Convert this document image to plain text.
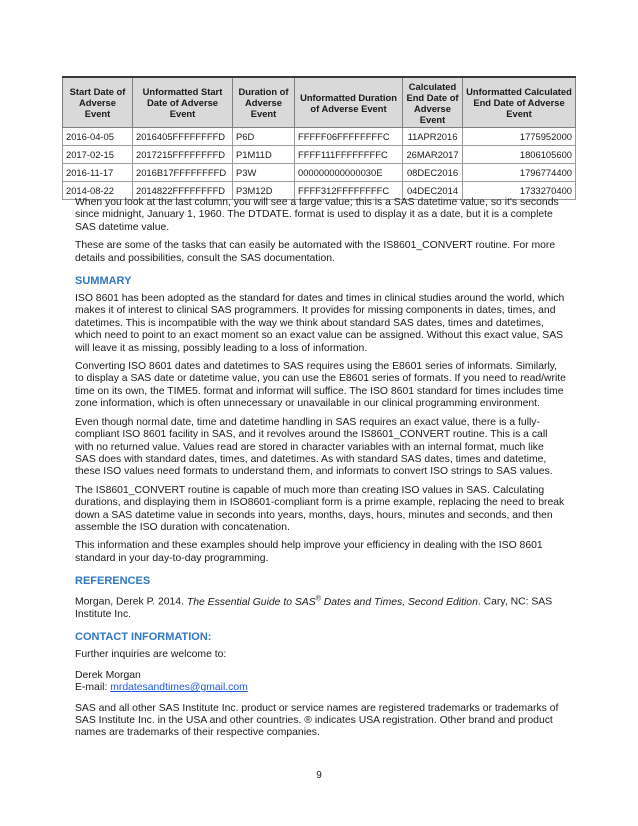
Start Date of Adverse Event	Unformatted Start Date of Adverse Event	Duration of Adverse Event	Unformatted Duration of Adverse Event	Calculated End Date of Adverse Event	Unformatted Calculated End Date of Adverse Event
2016-04-05	2016405FFFFFFFFD	P6D	FFFFF06FFFFFFFFC	11APR2016	1775952000
2017-02-15	2017215FFFFFFFFD	P1M11D	FFFF111FFFFFFFFC	26MAR2017	1806105600
2016-11-17	2016B17FFFFFFFFD	P3W	000000000000030E	08DEC2016	1796774400
2014-08-22	2014822FFFFFFFFD	P3M12D	FFFF312FFFFFFFFC	04DEC2014	1733270400

When you look at the last column, you will see a large value; this is a SAS datetime value, so it's seconds since midnight, January 1, 1960. The DTDATE. format is used to display it as a date, but it is a complete SAS datetime value.

These are some of the tasks that can easily be automated with the IS8601_CONVERT routine. For more details and possibilities, consult the SAS documentation.

SUMMARY

ISO 8601 has been adopted as the standard for dates and times in clinical studies around the world, which makes it of interest to clinical SAS programmers. It provides for missing components in dates, times, and datetimes. This is incompatible with the way we think about standard SAS dates, times and datetimes, which need to point to an exact moment so an exact value can be assigned. Without this exact value, SAS will leave it as missing, possibly leading to a loss of information.

Converting ISO 8601 dates and datetimes to SAS requires using the E8601 series of informats. Similarly, to display a SAS date or datetime value, you can use the E8601 series of formats. If you need to read/write time on its own, the TIME5. format and informat will suffice. The ISO 8601 standard for times includes time zone information, which is often unnecessary or unavailable in our clinical programming environment.

Even though normal date, time and datetime handling in SAS requires an exact value, there is a fully-compliant ISO 8601 facility in SAS, and it revolves around the IS8601_CONVERT routine. This is a call with no returned value. Values read are stored in character variables with an internal format, much like SAS does with standard dates, times, and datetimes. As with standard SAS dates, times and datetime, these ISO values need formats to understand them, and informats to convert ISO strings to SAS values.

The IS8601_CONVERT routine is capable of much more than creating ISO values in SAS. Calculating durations, and displaying them in ISO8601-compliant form is a prime example, replacing the need to break down a SAS datetime value in seconds into years, months, days, hours, minutes and seconds, and then assemble the ISO duration with concatenation.

This information and these examples should help improve your efficiency in dealing with the ISO 8601 standard in your day-to-day programming.

REFERENCES

Morgan, Derek P. 2014. The Essential Guide to SAS® Dates and Times, Second Edition. Cary, NC: SAS Institute Inc.

CONTACT INFORMATION:

Further inquiries are welcome to:

Derek Morgan

E-mail: mrdatesandtimes@gmail.com

SAS and all other SAS Institute Inc. product or service names are registered trademarks or trademarks of SAS Institute Inc. in the USA and other countries. ® indicates USA registration. Other brand and product names are trademarks of their respective companies.

9
